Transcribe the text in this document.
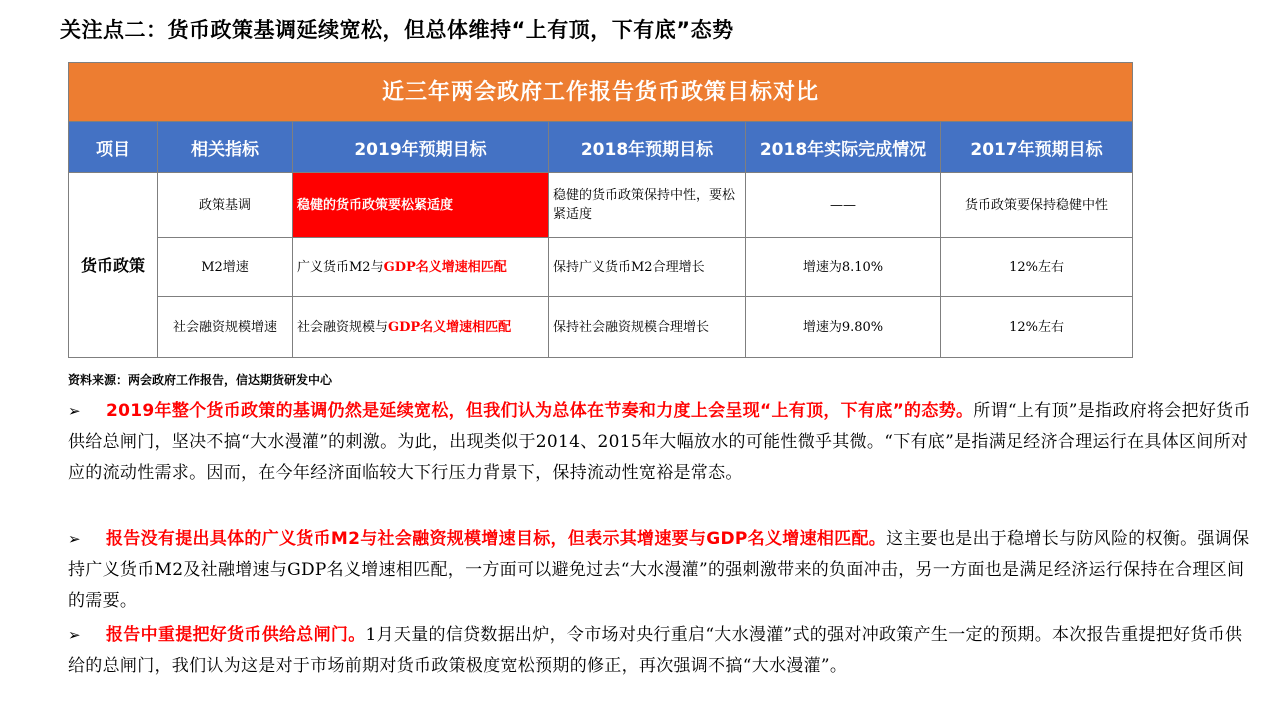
关注点二：货币政策基调延续宽松，但总体维持“上有顶，下有底”态势
近三年两会政府工作报告货币政策目标对比					
项目	相关指标	2019年预期目标	2018年预期目标	2018年实际完成情况	2017年预期目标
货币政策	政策基调	稳健的货币政策要松紧适度	稳健的货币政策保持中性，要松紧适度	——	货币政策要保持稳健中性
	M2增速	广义货币M2与GDP名义增速相匹配	保持广义货币M2合理增长	增速为8.10%	12%左右
	社会融资规模增速	社会融资规模与GDP名义增速相匹配	保持社会融资规模合理增长	增速为9.80%	12%左右
资料来源：两会政府工作报告，信达期货研发中心
➢ 2019年整个货币政策的基调仍然是延续宽松，但我们认为总体在节奏和力度上会呈现“上有顶，下有底”的态势。所谓“上有顶”是指政府将会把好货币供给总闸门，坚决不搞“大水漫灌”的刺激。为此，出现类似于2014、2015年大幅放水的可能性微乎其微。“下有底”是指满足经济合理运行在具体区间所对应的流动性需求。因而，在今年经济面临较大下行压力背景下，保持流动性宽裕是常态。
➢ 报告没有提出具体的广义货币M2与社会融资规模增速目标，但表示其增速要与GDP名义增速相匹配。这主要也是出于稳增长与防风险的权衡。强调保持广义货币M2及社融增速与GDP名义增速相匹配，一方面可以避免过去“大水漫灌”的强刺激带来的负面冲击，另一方面也是满足经济运行保持在合理区间的需要。
➢ 报告中重提把好货币供给总闸门。1月天量的信贷数据出炉，令市场对央行重启“大水漫灌”式的强对冲政策产生一定的预期。本次报告重提把好货币供给的总闸门，我们认为这是对于市场前期对货币政策极度宽松预期的修正，再次强调不搞“大水漫灌”。
